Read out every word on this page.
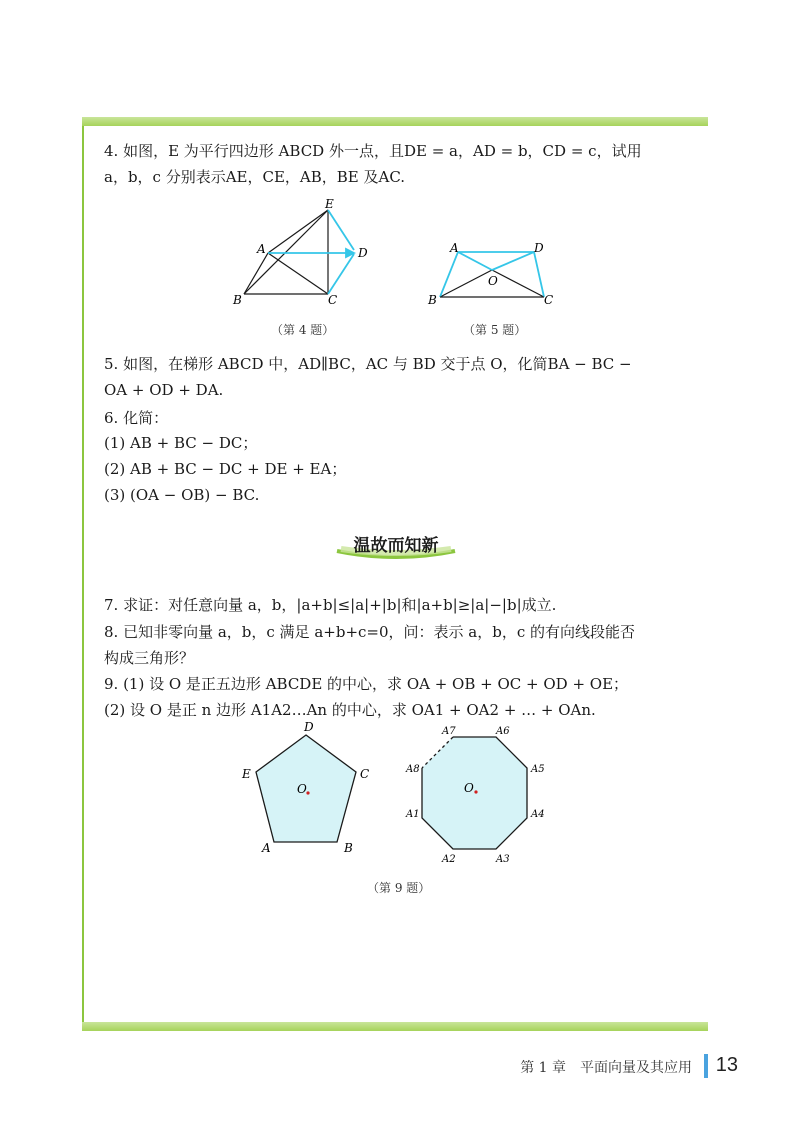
4. 如图，E 为平行四边形 ABCD 外一点，且DE = a，AD = b，CD = c，试用
a，b，c 分别表示AE，CE，AB，BE 及AC.
5. 如图，在梯形 ABCD 中，AD∥BC，AC 与 BD 交于点 O，化简BA − BC −
OA + OD + DA.
6. 化简：
(1) AB + BC − DC；
(2) AB + BC − DC + DE + EA；
(3) (OA − OB) − BC.
7. 求证：对任意向量 a，b，|a+b|≤|a|+|b|和|a+b|≥|a|−|b|成立.
8. 已知非零向量 a，b，c 满足 a+b+c=0，问：表示 a，b，c 的有向线段能否
构成三角形？
9. (1) 设 O 是正五边形 ABCDE 的中心，求 OA + OB + OC + OD + OE；
(2) 设 O 是正 n 边形 A1A2…An 的中心，求 OA1 + OA2 + … + OAn.
E
A	D
B	C
A	D
O
B	C
（第 4 题）	（第 5 题）
温故而知新
D
E	C
O
A	B
A7	A6
A8	A5
O
A1	A4
A2	A3
（第 9 题）
第 1 章　平面向量及其应用 13
